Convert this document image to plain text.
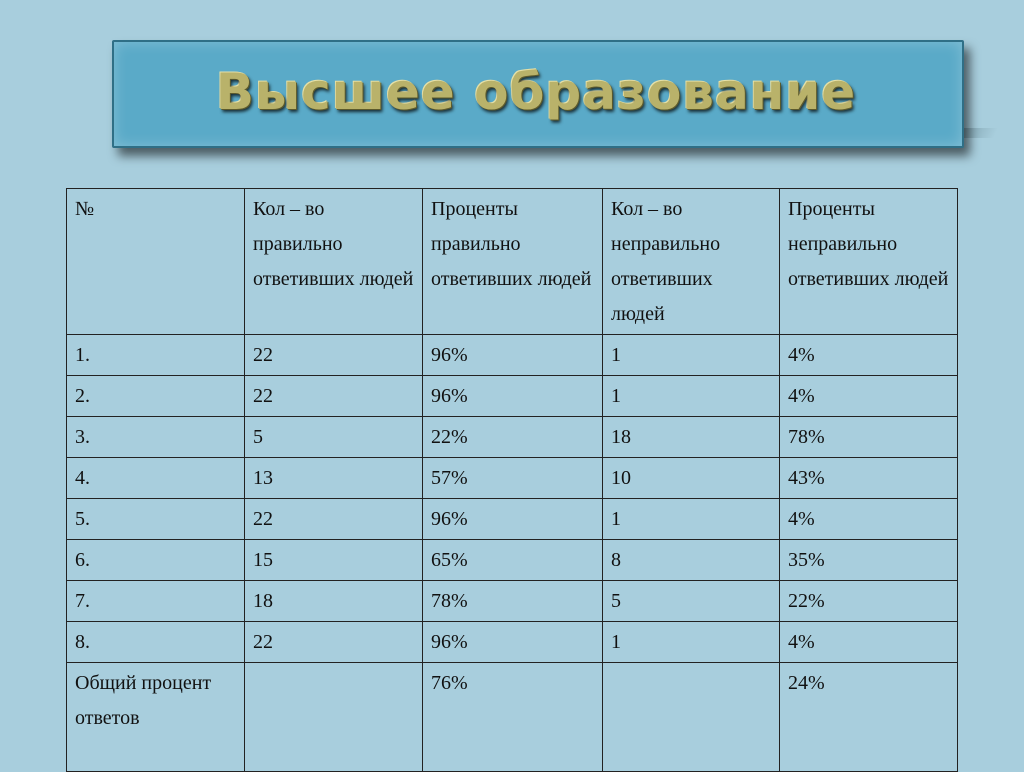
Высшее образование
№	Кол – во правильно ответивших людей	Проценты правильно ответивших людей	Кол – во неправильно ответивших людей	Проценты неправильно ответивших людей
1.	22	96%	1	4%
2.	22	96%	1	4%
3.	5	22%	18	78%
4.	13	57%	10	43%
5.	22	96%	1	4%
6.	15	65%	8	35%
7.	18	78%	5	22%
8.	22	96%	1	4%
Общий процент ответов		76%		24%
